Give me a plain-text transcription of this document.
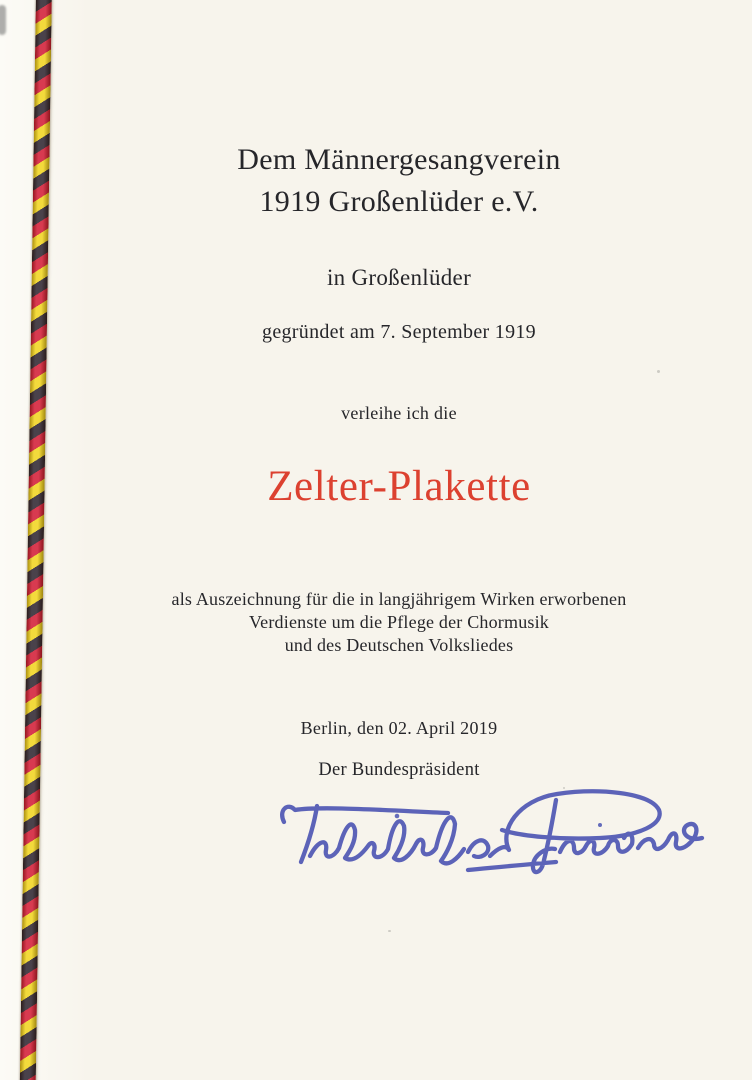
Dem Männergesangverein
1919 Großenlüder e.V.
in Großenlüder
gegründet am 7. September 1919
verleihe ich die
Zelter-Plakette
als Auszeichnung für die in langjährigem Wirken erworbenen
Verdienste um die Pflege der Chormusik
und des Deutschen Volksliedes
Berlin, den 02. April 2019
Der Bundespräsident
